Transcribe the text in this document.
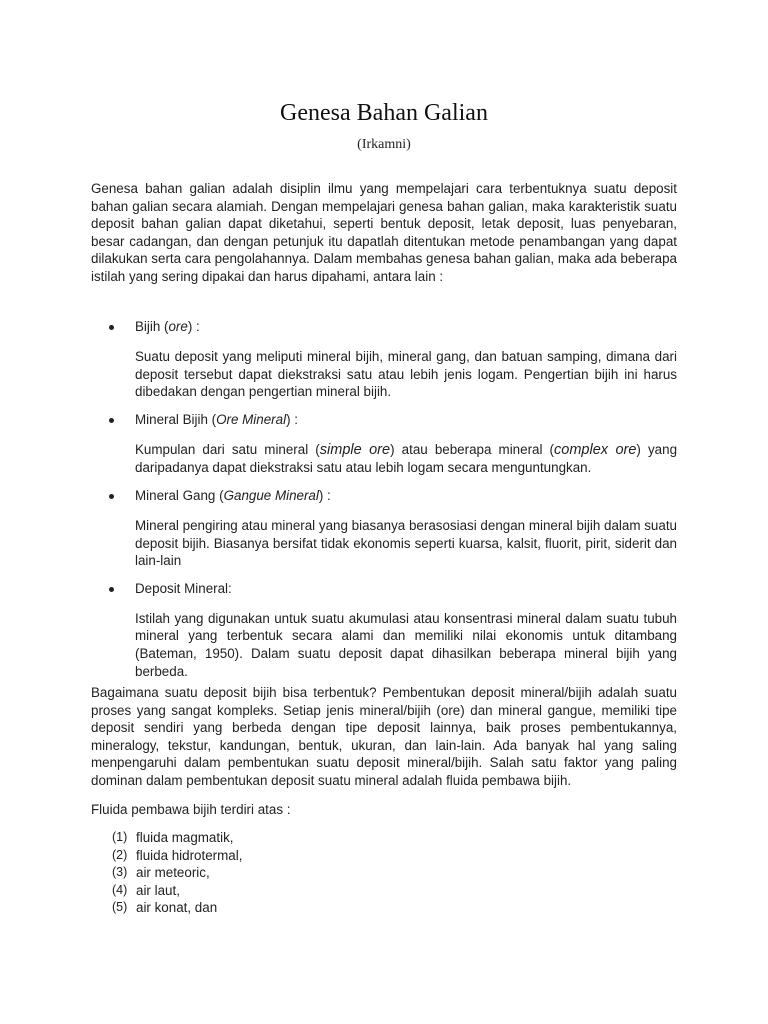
Genesa Bahan Galian
(Irkamni)

Genesa bahan galian adalah disiplin ilmu yang mempelajari cara terbentuknya suatu deposit bahan galian secara alamiah. Dengan mempelajari genesa bahan galian, maka karakteristik suatu deposit bahan galian dapat diketahui, seperti bentuk deposit, letak deposit, luas penyebaran, besar cadangan, dan dengan petunjuk itu dapatlah ditentukan metode penambangan yang dapat dilakukan serta cara pengolahannya. Dalam membahas genesa bahan galian, maka ada beberapa istilah yang sering dipakai dan harus dipahami, antara lain :

Bijih (ore) :

Suatu deposit yang meliputi mineral bijih, mineral gang, dan batuan samping, dimana dari deposit tersebut dapat diekstraksi satu atau lebih jenis logam. Pengertian bijih ini harus dibedakan dengan pengertian mineral bijih.

Mineral Bijih (Ore Mineral) :

Kumpulan dari satu mineral (simple ore) atau beberapa mineral (complex ore) yang daripadanya dapat diekstraksi satu atau lebih logam secara menguntungkan.

Mineral Gang (Gangue Mineral) :

Mineral pengiring atau mineral yang biasanya berasosiasi dengan mineral bijih dalam suatu deposit bijih. Biasanya bersifat tidak ekonomis seperti kuarsa, kalsit, fluorit, pirit, siderit dan lain-lain

Deposit Mineral:

Istilah yang digunakan untuk suatu akumulasi atau konsentrasi mineral dalam suatu tubuh mineral yang terbentuk secara alami dan memiliki nilai ekonomis untuk ditambang (Bateman, 1950). Dalam suatu deposit dapat dihasilkan beberapa mineral bijih yang berbeda.

Bagaimana suatu deposit bijih bisa terbentuk? Pembentukan deposit mineral/bijih adalah suatu proses yang sangat kompleks. Setiap jenis mineral/bijih (ore) dan mineral gangue, memiliki tipe deposit sendiri yang berbeda dengan tipe deposit lainnya, baik proses pembentukannya, mineralogy, tekstur, kandungan, bentuk, ukuran, dan lain-lain. Ada banyak hal yang saling menpengaruhi dalam pembentukan suatu deposit mineral/bijih. Salah satu faktor yang paling dominan dalam pembentukan deposit suatu mineral adalah fluida pembawa bijih.

Fluida pembawa bijih terdiri atas :

(1) fluida magmatik,
(2) fluida hidrotermal,
(3) air meteoric,
(4) air laut,
(5) air konat, dan
